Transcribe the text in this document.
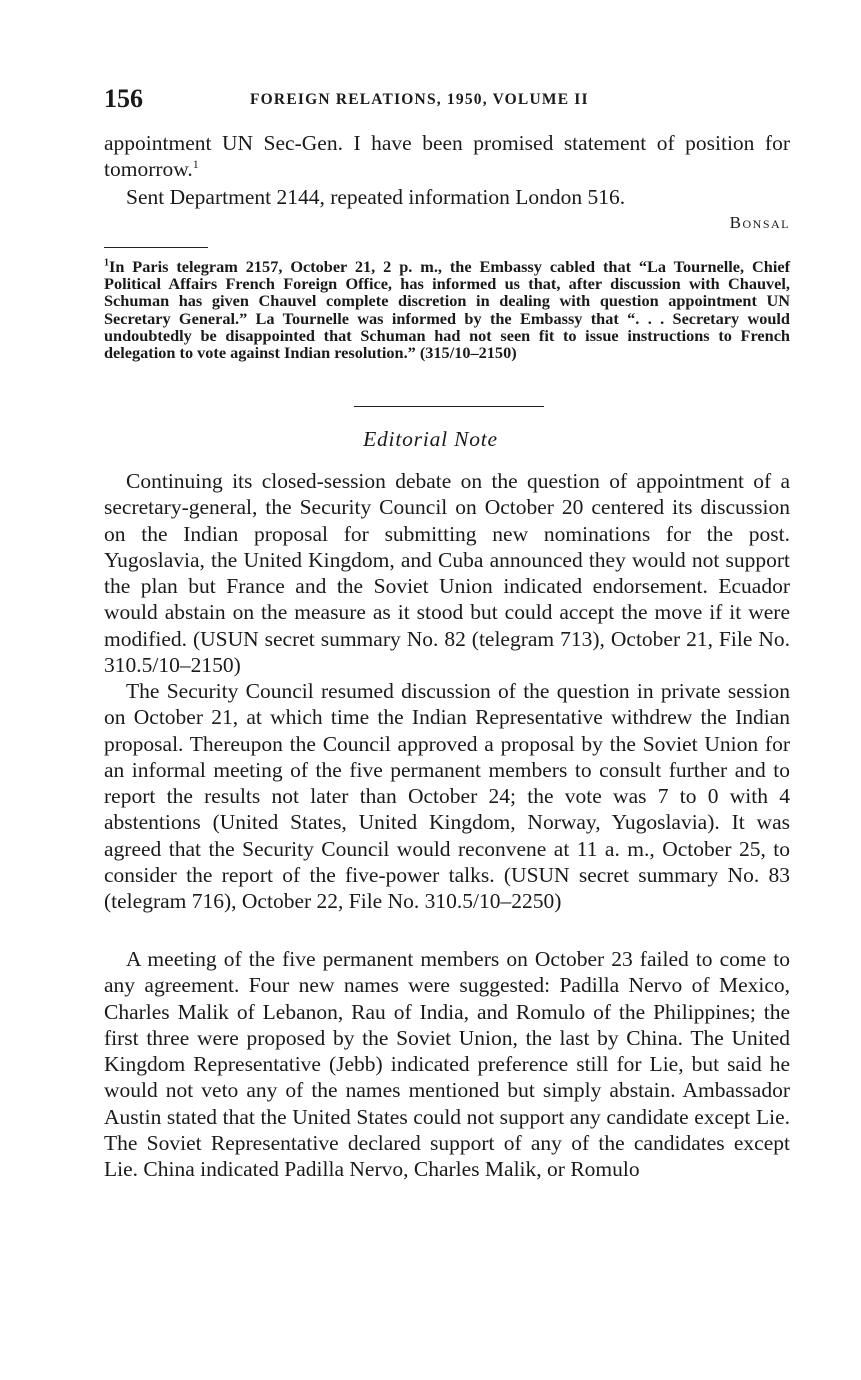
156	FOREIGN RELATIONS, 1950, VOLUME II

appointment UN Sec-Gen. I have been promised statement of position for tomorrow.$^1$

Sent Department 2144, repeated information London 516.

Bonsal

$^1$In Paris telegram 2157, October 21, 2 p. m., the Embassy cabled that “La Tournelle, Chief Political Affairs French Foreign Office, has informed us that, after discussion with Chauvel, Schuman has given Chauvel complete discretion in dealing with question appointment UN Secretary General.” La Tournelle was informed by the Embassy that “. . . Secretary would undoubtedly be disappointed that Schuman had not seen fit to issue instructions to French delegation to vote against Indian resolution.” (315/10–2150)

Editorial Note

Continuing its closed-session debate on the question of appointment of a secretary-general, the Security Council on October 20 centered its discussion on the Indian proposal for submitting new nominations for the post. Yugoslavia, the United Kingdom, and Cuba announced they would not support the plan but France and the Soviet Union indicated endorsement. Ecuador would abstain on the measure as it stood but could accept the move if it were modified. (USUN secret summary No. 82 (telegram 713), October 21, File No. 310.5/10–2150)

The Security Council resumed discussion of the question in private session on October 21, at which time the Indian Representative withdrew the Indian proposal. Thereupon the Council approved a proposal by the Soviet Union for an informal meeting of the five permanent members to consult further and to report the results not later than October 24; the vote was 7 to 0 with 4 abstentions (United States, United Kingdom, Norway, Yugoslavia). It was agreed that the Security Council would reconvene at 11 a. m., October 25, to consider the report of the five-power talks. (USUN secret summary No. 83 (telegram 716), October 22, File No. 310.5/10–2250)

A meeting of the five permanent members on October 23 failed to come to any agreement. Four new names were suggested: Padilla Nervo of Mexico, Charles Malik of Lebanon, Rau of India, and Romulo of the Philippines; the first three were proposed by the Soviet Union, the last by China. The United Kingdom Representative (Jebb) indicated preference still for Lie, but said he would not veto any of the names mentioned but simply abstain. Ambassador Austin stated that the United States could not support any candidate except Lie. The Soviet Representative declared support of any of the candidates except Lie. China indicated Padilla Nervo, Charles Malik, or Romulo
